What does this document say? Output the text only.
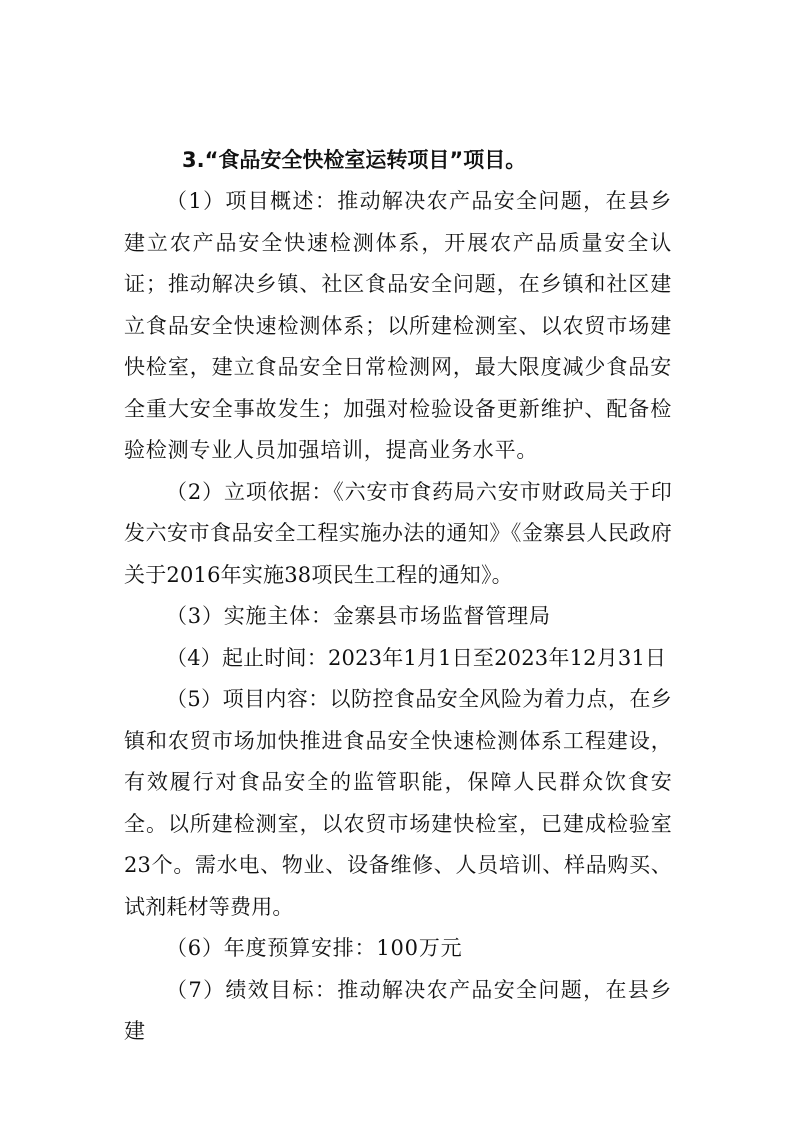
3.“食品安全快检室运转项目”项目。

（1）项目概述：推动解决农产品安全问题，在县乡建立农产品安全快速检测体系，开展农产品质量安全认证；推动解决乡镇、社区食品安全问题，在乡镇和社区建立食品安全快速检测体系；以所建检测室、以农贸市场建快检室，建立食品安全日常检测网，最大限度减少食品安全重大安全事故发生；加强对检验设备更新维护、配备检验检测专业人员加强培训，提高业务水平。

（2）立项依据：《六安市食药局六安市财政局关于印发六安市食品安全工程实施办法的通知》《金寨县人民政府关于2016年实施38项民生工程的通知》。

（3）实施主体：金寨县市场监督管理局

（4）起止时间：2023年1月1日至2023年12月31日

（5）项目内容：以防控食品安全风险为着力点，在乡镇和农贸市场加快推进食品安全快速检测体系工程建设，有效履行对食品安全的监管职能，保障人民群众饮食安全。以所建检测室，以农贸市场建快检室，已建成检验室23个。需水电、物业、设备维修、人员培训、样品购买、试剂耗材等费用。

（6）年度预算安排：100万元

（7）绩效目标：推动解决农产品安全问题，在县乡建
